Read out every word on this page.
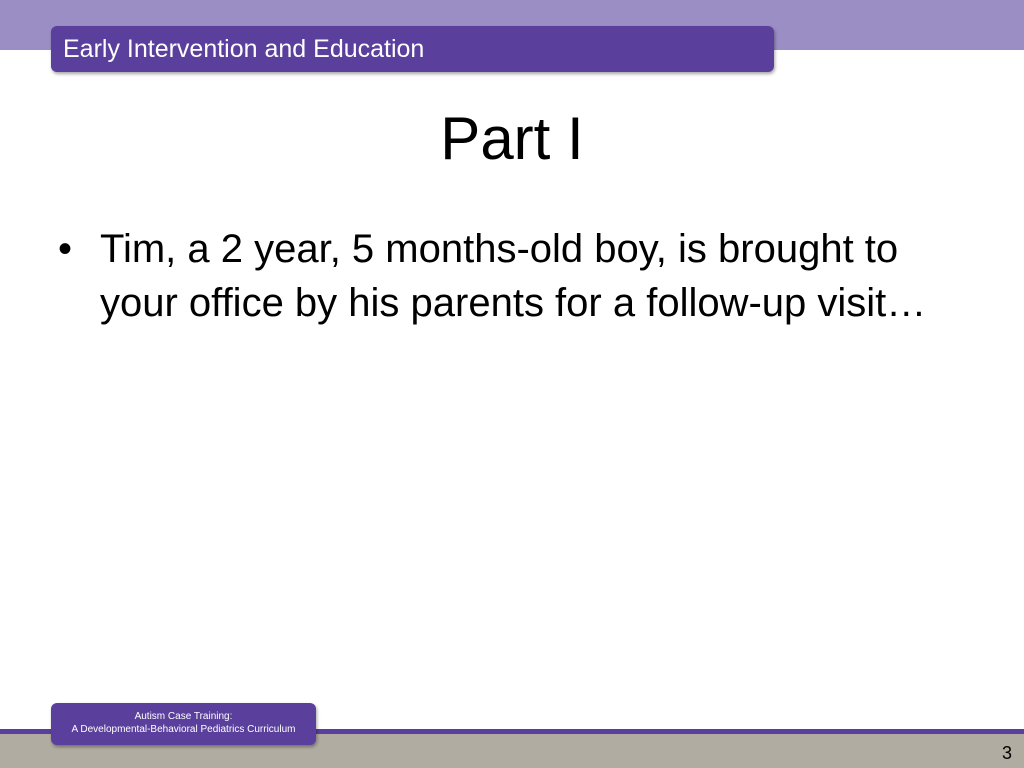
Early Intervention and Education
Part I
• Tim, a 2 year, 5 months-old boy, is brought to your office by his parents for a follow-up visit…
Autism Case Training:
A Developmental-Behavioral Pediatrics Curriculum
3
